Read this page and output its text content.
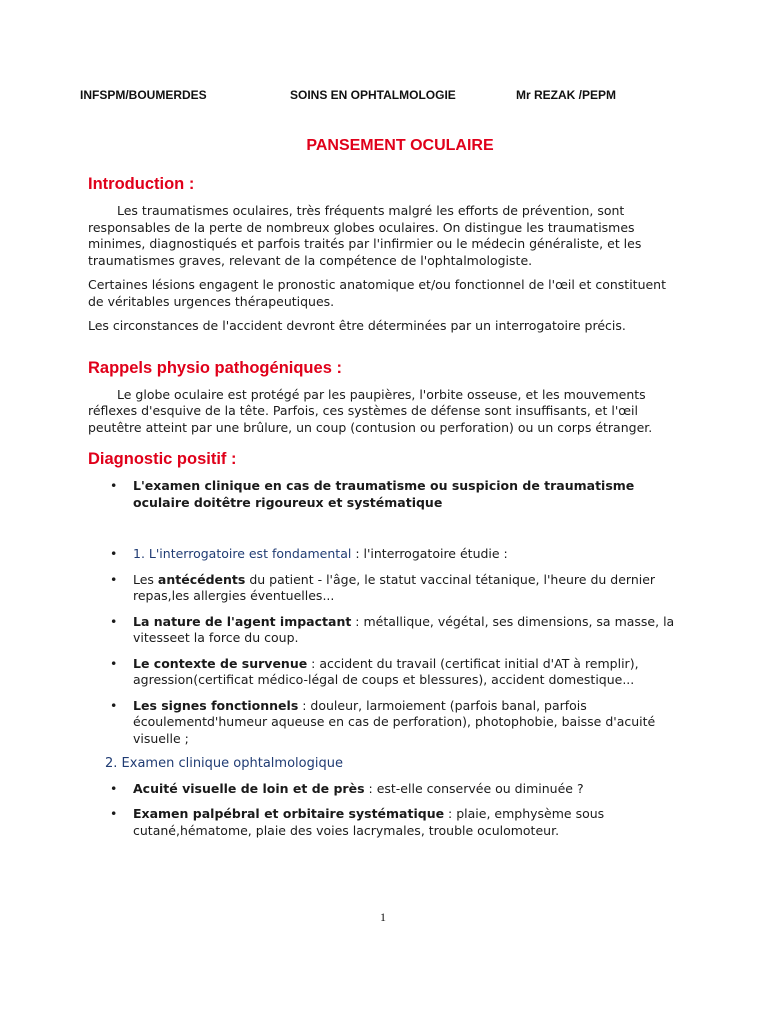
INFSPM/BOUMERDES	SOINS EN OPHTALMOLOGIE	Mr REZAK /PEPM
PANSEMENT OCULAIRE
Introduction :

Les traumatismes oculaires, très fréquents malgré les efforts de prévention, sont responsables de la perte de nombreux globes oculaires. On distingue les traumatismes minimes, diagnostiqués et parfois traités par l'infirmier ou le médecin généraliste, et les traumatismes graves, relevant de la compétence de l'ophtalmologiste.

Certaines lésions engagent le pronostic anatomique et/ou fonctionnel de l'œil et constituent de véritables urgences thérapeutiques.

Les circonstances de l'accident devront être déterminées par un interrogatoire précis.

Rappels physio pathogéniques :

Le globe oculaire est protégé par les paupières, l'orbite osseuse, et les mouvements réflexes d'esquive de la tête. Parfois, ces systèmes de défense sont insuffisants, et l'œil peutêtre atteint par une brûlure, un coup (contusion ou perforation) ou un corps étranger.

Diagnostic positif :
• L'examen clinique en cas de traumatisme ou suspicion de traumatisme oculaire doitêtre rigoureux et systématique
• 1. L'interrogatoire est fondamental : l'interrogatoire étudie :
• Les antécédents du patient - l'âge, le statut vaccinal tétanique, l'heure du dernier repas,les allergies éventuelles...
• La nature de l'agent impactant : métallique, végétal, ses dimensions, sa masse, la vitesseet la force du coup.
• Le contexte de survenue : accident du travail (certificat initial d'AT à remplir), agression(certificat médico-légal de coups et blessures), accident domestique...
• Les signes fonctionnels : douleur, larmoiement (parfois banal, parfois écoulementd'humeur aqueuse en cas de perforation), photophobie, baisse d'acuité visuelle ;
2. Examen clinique ophtalmologique
• Acuité visuelle de loin et de près : est-elle conservée ou diminuée ?
• Examen palpébral et orbitaire systématique : plaie, emphysème sous cutané,hématome, plaie des voies lacrymales, trouble oculomoteur.
1
